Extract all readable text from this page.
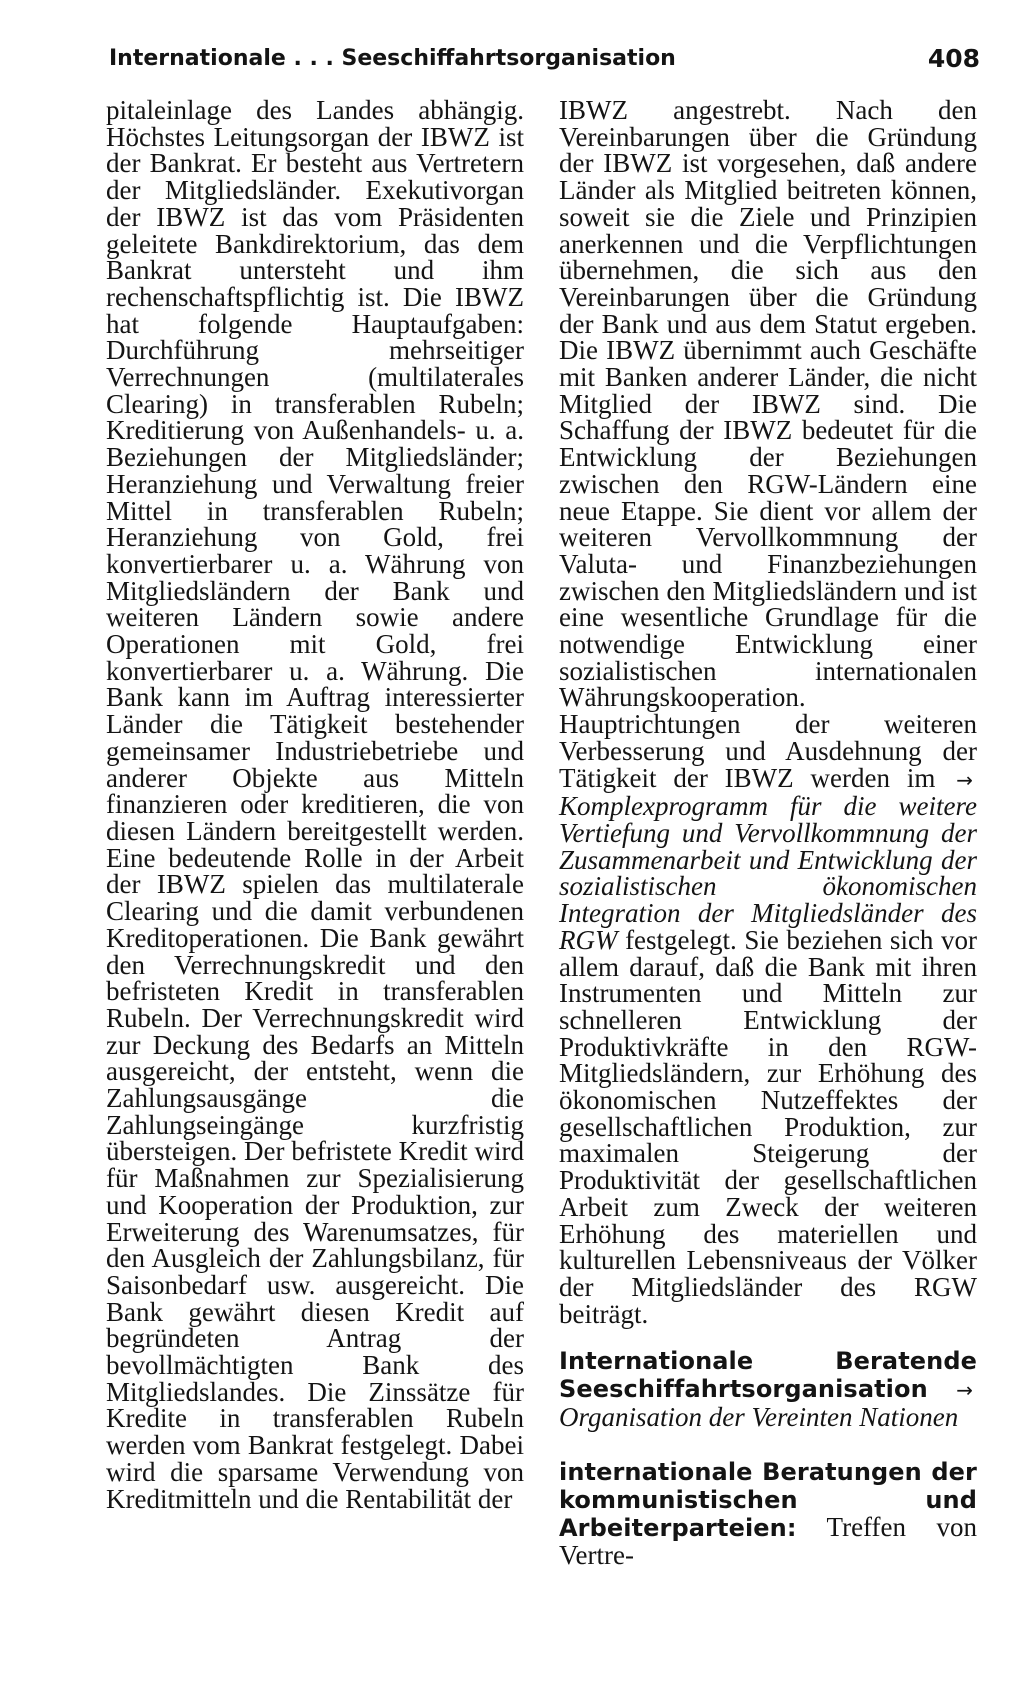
Internationale . . . Seeschiffahrtsorganisation	408

pitaleinlage des Landes abhängig. Höchstes Leitungsorgan der IBWZ ist der Bankrat. Er besteht aus Vertretern der Mitgliedsländer. Exekutivorgan der IBWZ ist das vom Präsidenten geleitete Bankdirektorium, das dem Bankrat untersteht und ihm rechenschaftspflichtig ist. Die IBWZ hat folgende Hauptaufgaben: Durchführung mehrseitiger Verrechnungen (multilaterales Clearing) in transferablen Rubeln; Kreditierung von Außenhandels- u. a. Beziehungen der Mitgliedsländer; Heranziehung und Verwaltung freier Mittel in transferablen Rubeln; Heranziehung von Gold, frei konvertierbarer u. a. Währung von Mitgliedsländern der Bank und weiteren Ländern sowie andere Operationen mit Gold, frei konvertierbarer u. a. Währung. Die Bank kann im Auftrag interessierter Länder die Tätigkeit bestehender gemeinsamer Industriebetriebe und anderer Objekte aus Mitteln finanzieren oder kreditieren, die von diesen Ländern bereitgestellt werden. Eine bedeutende Rolle in der Arbeit der IBWZ spielen das multilaterale Clearing und die damit verbundenen Kreditoperationen. Die Bank gewährt den Verrechnungskredit und den befristeten Kredit in transferablen Rubeln. Der Verrechnungskredit wird zur Deckung des Bedarfs an Mitteln ausgereicht, der entsteht, wenn die Zahlungsausgänge die Zahlungseingänge kurzfristig übersteigen. Der befristete Kredit wird für Maßnahmen zur Spezialisierung und Kooperation der Produktion, zur Erweiterung des Warenumsatzes, für den Ausgleich der Zahlungsbilanz, für Saisonbedarf usw. ausgereicht. Die Bank gewährt diesen Kredit auf begründeten Antrag der bevollmächtigten Bank des Mitgliedslandes. Die Zinssätze für Kredite in transferablen Rubeln werden vom Bankrat festgelegt. Dabei wird die sparsame Verwendung von Kreditmitteln und die Rentabilität der

IBWZ angestrebt. Nach den Vereinbarungen über die Gründung der IBWZ ist vorgesehen, daß andere Länder als Mitglied beitreten können, soweit sie die Ziele und Prinzipien anerkennen und die Verpflichtungen übernehmen, die sich aus den Vereinbarungen über die Gründung der Bank und aus dem Statut ergeben. Die IBWZ übernimmt auch Geschäfte mit Banken anderer Länder, die nicht Mitglied der IBWZ sind. Die Schaffung der IBWZ bedeutet für die Entwicklung der Beziehungen zwischen den RGW-Ländern eine neue Etappe. Sie dient vor allem der weiteren Vervollkommnung der Valuta- und Finanzbeziehungen zwischen den Mitgliedsländern und ist eine wesentliche Grundlage für die notwendige Entwicklung einer sozialistischen internationalen Währungskooperation. Hauptrichtungen der weiteren Verbesserung und Ausdehnung der Tätigkeit der IBWZ werden im → Komplexprogramm für die weitere Vertiefung und Vervollkommnung der Zusammenarbeit und Entwicklung der sozialistischen ökonomischen Integration der Mitgliedsländer des RGW festgelegt. Sie beziehen sich vor allem darauf, daß die Bank mit ihren Instrumenten und Mitteln zur schnelleren Entwicklung der Produktivkräfte in den RGW-Mitgliedsländern, zur Erhöhung des ökonomischen Nutzeffektes der gesellschaftlichen Produktion, zur maximalen Steigerung der Produktivität der gesellschaftlichen Arbeit zum Zweck der weiteren Erhöhung des materiellen und kulturellen Lebensniveaus der Völker der Mitgliedsländer des RGW beiträgt.

Internationale Beratende Seeschiffahrtsorganisation → Organisation der Vereinten Nationen

internationale Beratungen der kommunistischen und Arbeiterparteien: Treffen von Vertre-
